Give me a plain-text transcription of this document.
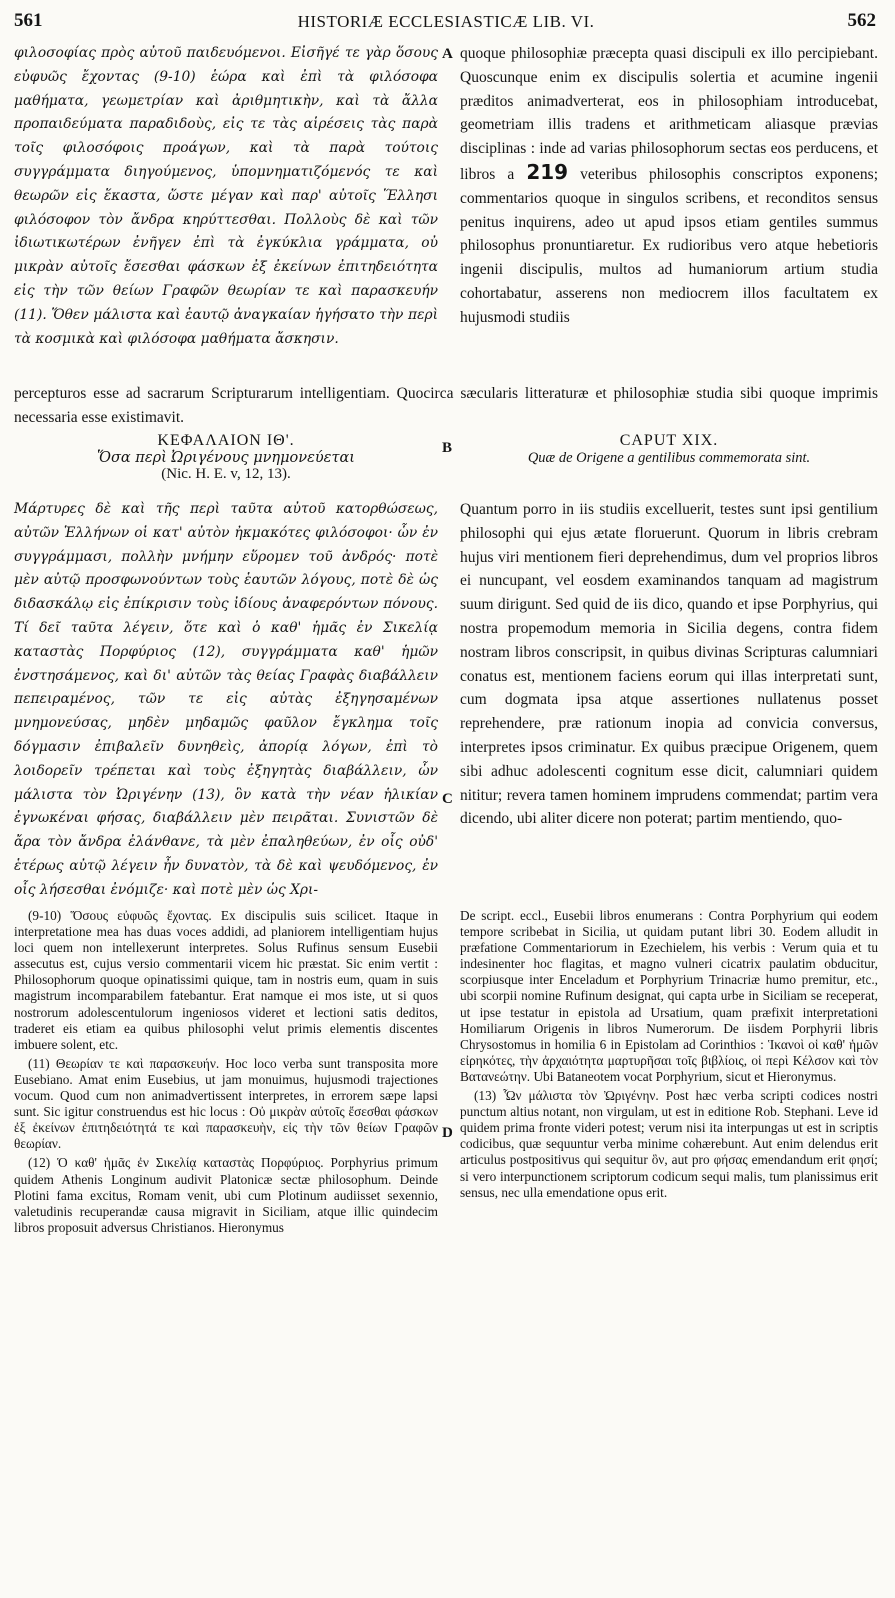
561	HISTORIÆ ECCLESIASTICÆ LIB. VI.	562

φιλοσοφίας πρὸς αὐτοῦ παιδευόμενοι. Εἰσῆγέ τε γὰρ ὅσους εὐφυῶς ἔχοντας (9-10) ἑώρα καὶ ἐπὶ τὰ φιλόσοφα μαθήματα, γεωμετρίαν καὶ ἀριθμητικὴν, καὶ τὰ ἄλλα προπαιδεύματα παραδιδοὺς, εἰς τε τὰς αἱρέσεις τὰς παρὰ τοῖς φιλοσόφοις προάγων, καὶ τὰ παρὰ τούτοις συγγράμματα διηγούμενος, ὑπομνηματιζόμενός τε καὶ θεωρῶν εἰς ἕκαστα, ὥστε μέγαν καὶ παρ' αὐτοῖς Ἕλλησι φιλόσοφον τὸν ἄνδρα κηρύττεσθαι. Πολλοὺς δὲ καὶ τῶν ἰδιωτικωτέρων ἐνῆγεν ἐπὶ τὰ ἐγκύκλια γράμματα, οὐ μικρὰν αὐτοῖς ἔσεσθαι φάσκων ἐξ ἐκείνων ἐπιτηδειότητα εἰς τὴν τῶν θείων Γραφῶν θεωρίαν τε καὶ παρασκευήν (11). Ὅθεν μάλιστα καὶ ἑαυτῷ ἀναγκαίαν ἡγήσατο τὴν περὶ τὰ κοσμικὰ καὶ φιλόσοφα μαθήματα ἄσκησιν.

A quoque philosophiæ præcepta quasi discipuli ex illo percipiebant. Quoscunque enim ex discipulis solertia et acumine ingenii præditos animadverterat, eos in philosophiam introducebat, geometriam illis tradens et arithmeticam aliasque prævias disciplinas : inde ad varias philosophorum sectas eos perducens, et libros a 219 veteribus philosophis conscriptos exponens; commentarios quoque in singulos scribens, et reconditos sensus penitus inquirens, adeo ut apud ipsos etiam gentiles summus philosophus pronuntiaretur. Ex rudioribus vero atque hebetioris ingenii discipulis, multos ad humaniorum artium studia cohortabatur, asserens non mediocrem illos facultatem ex hujusmodi studiis

percepturos esse ad sacrarum Scripturarum intelligentiam. Quocirca sæcularis litteraturæ et philosophiæ studia sibi quoque imprimis necessaria esse existimavit.

ΚΕΦΑΛΑΙΟΝ ΙΘ'.

Ὅσα περὶ Ὠριγένους μνημονεύεται

(Nic. H. E. v, 12, 13).

B	CAPUT XIX.

Quæ de Origene a gentilibus commemorata sint.

Μάρτυρες δὲ καὶ τῆς περὶ ταῦτα αὐτοῦ κατορθώσεως, αὐτῶν Ἑλλήνων οἱ κατ' αὐτὸν ἠκμακότες φιλόσοφοι· ὧν ἐν συγγράμμασι, πολλὴν μνήμην εὕρομεν τοῦ ἀνδρός· ποτὲ μὲν αὐτῷ προσφωνούντων τοὺς ἑαυτῶν λόγους, ποτὲ δὲ ὡς διδασκάλῳ εἰς ἐπίκρισιν τοὺς ἰδίους ἀναφερόντων πόνους. Τί δεῖ ταῦτα λέγειν, ὅτε καὶ ὁ καθ' ἡμᾶς ἐν Σικελίᾳ καταστὰς Πορφύριος (12), συγγράμματα καθ' ἡμῶν ἐνστησάμενος, καὶ δι' αὐτῶν τὰς θείας Γραφὰς διαβάλλειν πεπειραμένος, τῶν τε εἰς αὐτὰς ἐξηγησαμένων μνημονεύσας, μηδὲν μηδαμῶς φαῦλον ἔγκλημα τοῖς δόγμασιν ἐπιβαλεῖν δυνηθεὶς, ἀπορίᾳ λόγων, ἐπὶ τὸ λοιδορεῖν τρέπεται καὶ τοὺς ἐξηγητὰς διαβάλλειν, ὧν μάλιστα τὸν Ὠριγένην (13), ὃν κατὰ τὴν νέαν ἡλικίαν ἐγνωκέναι φήσας, διαβάλλειν μὲν πειρᾶται. Συνιστῶν δὲ ἄρα τὸν ἄνδρα ἐλάνθανε, τὰ μὲν ἐπαληθεύων, ἐν οἷς οὐδ' ἑτέρως αὐτῷ λέγειν ἦν δυνατὸν, τὰ δὲ καὶ ψευδόμενος, ἐν οἷς λήσεσθαι ἐνόμιζε· καὶ ποτὲ μὲν ὡς Χρι-

C

Quantum porro in iis studiis excelluerit, testes sunt ipsi gentilium philosophi qui ejus ætate floruerunt. Quorum in libris crebram hujus viri mentionem fieri deprehendimus, dum vel proprios libros ei nuncupant, vel eosdem examinandos tanquam ad magistrum suum dirigunt. Sed quid de iis dico, quando et ipse Porphyrius, qui nostra propemodum memoria in Sicilia degens, contra fidem nostram libros conscripsit, in quibus divinas Scripturas calumniari conatus est, mentionem faciens eorum qui illas interpretati sunt, cum dogmata ipsa atque assertiones nullatenus posset reprehendere, præ rationum inopia ad convicia conversus, interpretes ipsos criminatur. Ex quibus præcipue Origenem, quem sibi adhuc adolescenti cognitum esse dicit, calumniari quidem nititur; revera tamen hominem imprudens commendat; partim vera dicendo, ubi aliter dicere non poterat; partim mentiendo, quo-

(9-10) Ὅσους εὐφυῶς ἔχοντας. Ex discipulis suis scilicet. Itaque in interpretatione mea has duas voces addidi, ad planiorem intelligentiam hujus loci quem non intellexerunt interpretes. Solus Rufinus sensum Eusebii assecutus est, cujus versio commentarii vicem hic præstat. Sic enim vertit : Philosophorum quoque opinatissimi quique, tam in nostris eum, quam in suis magistrum incomparabilem fatebantur. Erat namque ei mos iste, ut si quos nostrorum adolescentulorum ingeniosos videret et lectioni satis deditos, traderet eis etiam ea quibus philosophi velut primis elementis discentes imbuere solent, etc.

(11) Θεωρίαν τε καὶ παρασκευήν. Hoc loco verba sunt transposita more Eusebiano. Amat enim Eusebius, ut jam monuimus, hujusmodi trajectiones vocum. Quod cum non animadvertissent interpretes, in errorem sæpe lapsi sunt. Sic igitur construendus est hic locus : Οὐ μικρὰν αὐτοῖς ἔσεσθαι φάσκων ἐξ ἐκείνων ἐπιτηδειότητά τε καὶ παρασκευὴν, εἰς τὴν τῶν θείων Γραφῶν θεωρίαν.

(12) Ὁ καθ' ἡμᾶς ἐν Σικελίᾳ καταστὰς Πορφύριος. Porphyrius primum quidem Athenis Longinum audivit Platonicæ sectæ philosophum. Deinde Plotini fama excitus, Romam venit, ubi cum Plotinum audiisset sexennio, valetudinis recuperandæ causa migravit in Siciliam, atque illic quindecim libros proposuit adversus Christianos. Hieronymus

D

De script. eccl., Eusebii libros enumerans : Contra Porphyrium qui eodem tempore scribebat in Sicilia, ut quidam putant libri 30. Eodem alludit in præfatione Commentariorum in Ezechielem, his verbis : Verum quia et tu indesinenter hoc flagitas, et magno vulneri cicatrix paulatim obducitur, scorpiusque inter Enceladum et Porphyrium Trinacriæ humo premitur, etc., ubi scorpii nomine Rufinum designat, qui capta urbe in Siciliam se receperat, ut ipse testatur in epistola ad Ursatium, quam præfixit interpretationi Homiliarum Origenis in libros Numerorum. De iisdem Porphyrii libris Chrysostomus in homilia 6 in Epistolam ad Corinthios : Ἱκανοὶ οἱ καθ' ἡμῶν εἰρηκότες, τὴν ἀρχαιότητα μαρτυρῆσαι τοῖς βιβλίοις, οἱ περὶ Κέλσον καὶ τὸν Βατανεώτην. Ubi Bataneotem vocat Porphyrium, sicut et Hieronymus.

(13) Ὧν μάλιστα τὸν Ὠριγένην. Post hæc verba scripti codices nostri punctum altius notant, non virgulam, ut est in editione Rob. Stephani. Leve id quidem prima fronte videri potest; verum nisi ita interpungas ut est in scriptis codicibus, quæ sequuntur verba minime cohærebunt. Aut enim delendus erit articulus postpositivus qui sequitur ὃν, aut pro φήσας emendandum erit φησί; si vero interpunctionem scriptorum codicum sequi malis, tum planissimus erit sensus, nec ulla emendatione opus erit.
